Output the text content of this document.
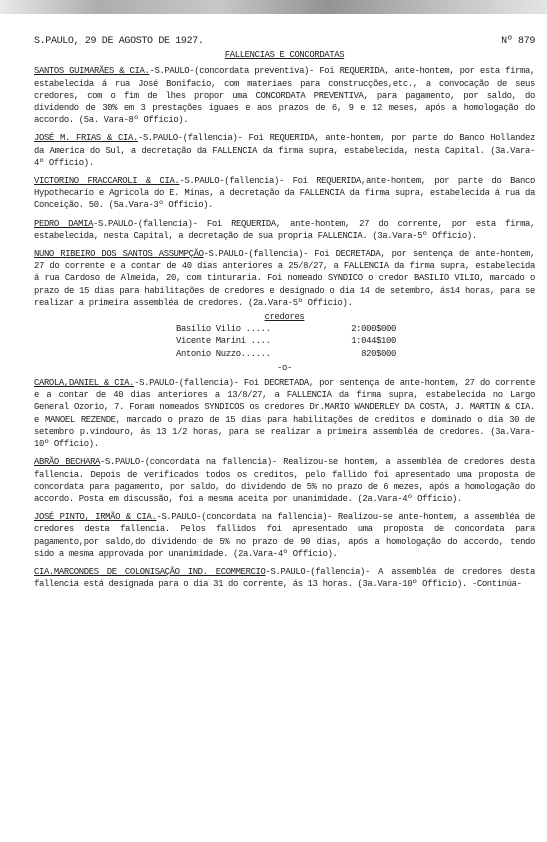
S.PAULO, 29 DE AGOSTO DE 1927.	Nº 879
FALLENCIAS E CONCORDATAS
SANTOS GUIMARÃES & CIA.-S.PAULO-(concordata preventiva)- Foi REQUERIDA, ante-hontem, por esta firma, estabelecida á rua José Bonifacio, com materiaes para construcções,etc., a convocação de seus credores, com o fim de lhes propor uma CONCORDATA PREVENTIVA, para pagamento, por saldo, do dividendo de 30% em 3 prestações iguaes e aos prazos de 6, 9 e 12 meses, após a homologação do accordo. (5a. Vara-8º Officio).
JOSÉ M. FRIAS & CIA.-S.PAULO-(fallencia)- Foi REQUERIDA, ante-hontem, por parte do Banco Hollandez da America do Sul, a decretação da FALLENCIA da firma supra, estabelecida, nesta Capital. (3a.Vara-4º Officio).
VICTORINO FRACCAROLI & CIA.-S.PAULO-(fallencia)- Foi REQUERIDA,ante-hontem, por parte do Banco Hypothecario e Agricola do E. Minas, a decretação da FALLENCIA da firma supra, estabelecida á rua da Conceição. 50. (5a.Vara-3º Officio).
PEDRO DAMIA-S.PAULO-(fallencia)- Foi REQUERIDA, ante-hontem, 27 do corrente, por esta firma, estabelecida, nesta Capital, a decretação de sua propria FALLENCIA. (3a.Vara-5º Officio).
NUNO RIBEIRO DOS SANTOS ASSUMPÇÃO-S.PAULO-(fallencia)- Foi DECRETADA, por sentença de ante-hontem, 27 do corrente e a contar de 40 dias anteriores a 25/8/27, a FALLENCIA da firma supra, estabelecida á rua Cardoso de Almeida, 20, com tinturaria. Foi nomeado SYNDICO o credor BASILIO VILIO, marcado o prazo de 15 dias para habilitações de credores e designado o dia 14 de setembro, ás14 horas, para se realizar a primeira assembléa de credores. (2a.Vara-5º Officio).
credores
Basilio Vilio .....	2:000$000
Vicente Marini ....	1:044$100
Antonio Nuzzo......	820$000
-o-
CAROLA,DANIEL & CIA.-S.PAULO-(fallencia)- Foi DECRETADA, por sentença de ante-hontem, 27 do corrente e a contar de 40 dias anteriores a 13/8/27, a FALLENCIA da firma supra, estabelecida no Largo General Ozorio, 7. Foram nomeados SYNDICOS os credores Dr.MARIO WANDERLEY DA COSTA, J. MARTIN & CIA. e MANOEL REZENDE, marcado o prazo de 15 dias para habilitações de creditos e dominado o dia 30 de setembro p.vindouro, ás 13 1/2 horas, para se realizar a primeira assembléa de credores. (3a.Vara-10º Officio).
ABRÃO BECHARA-S.PAULO-(concordata na fallencia)- Realizou-se hontem, a assembléa de credores desta fallencia. Depois de verificados todos os creditos, pelo fallido foi apresentado uma proposta de concordata para pagamento, por saldo, do dividendo de 5% no prazo de 6 mezes, após a homologação do accordo. Posta em discussão, foi a mesma aceita por unanimidade. (2a.Vara-4º Officio).
JOSÉ PINTO, IRMÃO & CIA.-S.PAULO-(concordata na fallencia)- Realizou-se ante-hontem, a assembléa de credores desta fallencia. Pelos fallidos foi apresentado uma proposta de concordata para pagamento,por saldo,do dividendo de 5% no prazo de 90 dias, após a homologação do accordo, tendo sido a mesma approvada por unanimidade. (2a.Vara-4º Officio).
CIA.MARCONDES DE COLONISAÇÃO IND. ECOMMERCIO-S.PAULO-(fallencia)- A assembléa de credores desta fallencia está designada para o dia 31 do corrente, ás 13 horas. (3a.Vara-10º Officio). -Continúa-
